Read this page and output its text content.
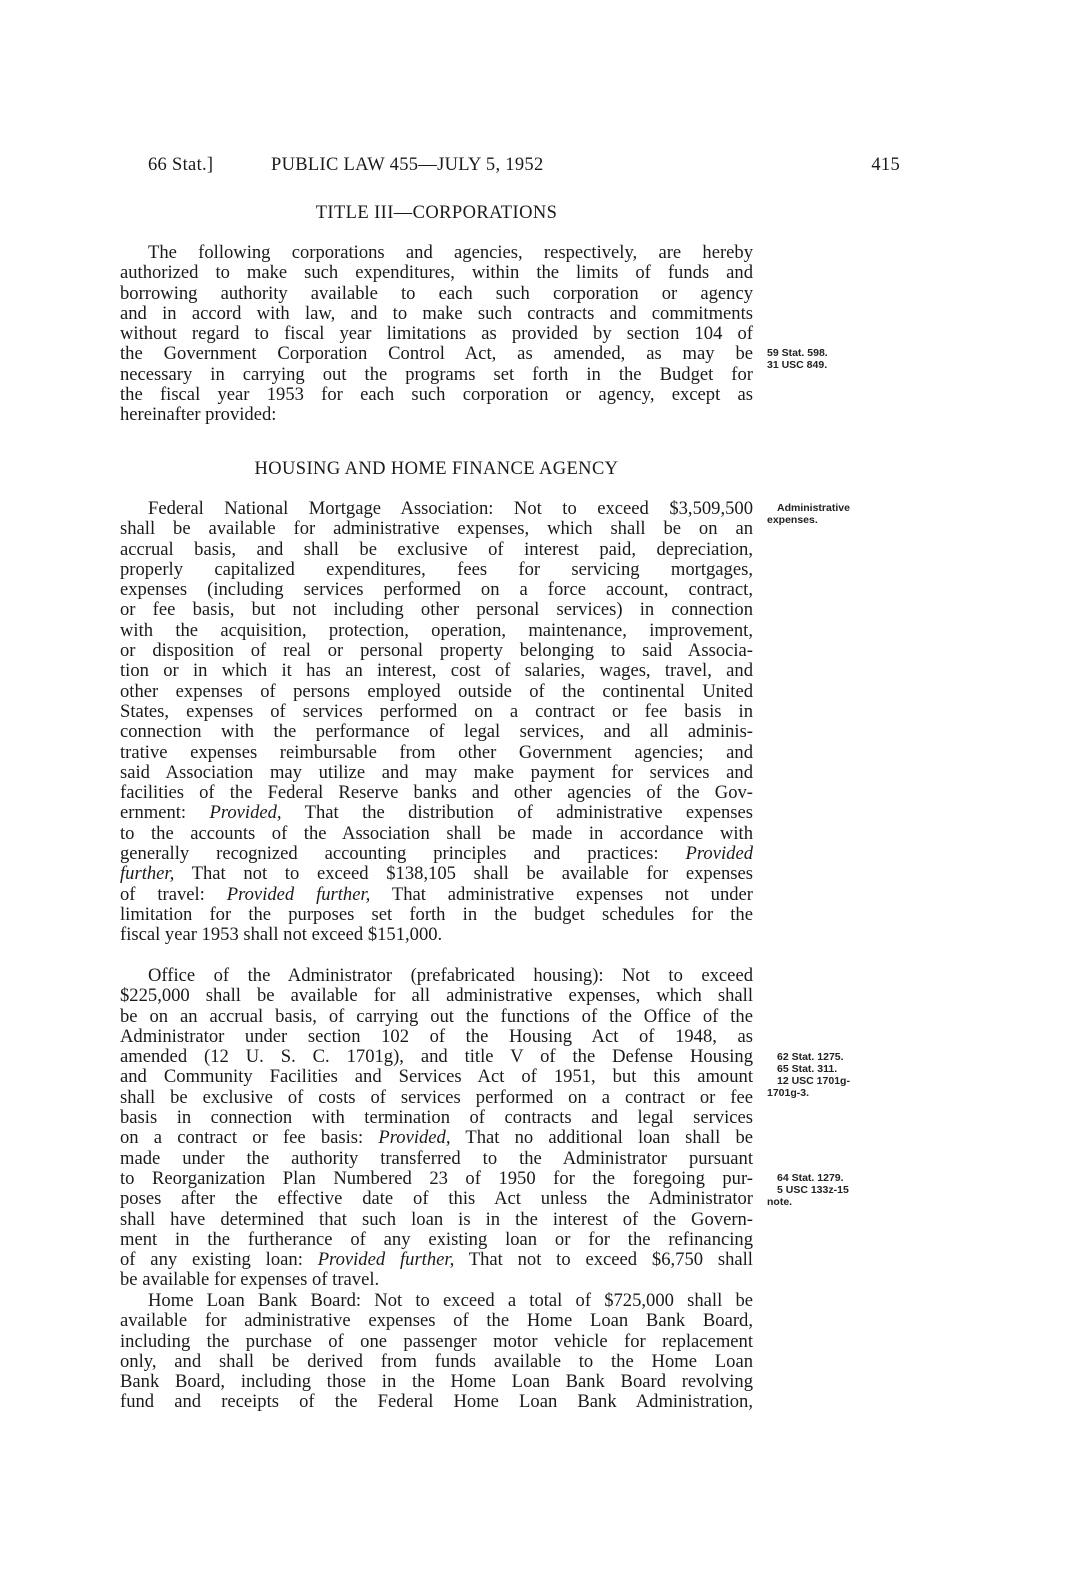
66 Stat.]	PUBLIC LAW 455—JULY 5, 1952	415
TITLE III—CORPORATIONS
The following corporations and agencies, respectively, are hereby
authorized to make such expenditures, within the limits of funds and
borrowing authority available to each such corporation or agency
and in accord with law, and to make such contracts and commitments
without regard to fiscal year limitations as provided by section 104 of
the Government Corporation Control Act, as amended, as may be
necessary in carrying out the programs set forth in the Budget for
the fiscal year 1953 for each such corporation or agency, except as
hereinafter provided:
HOUSING AND HOME FINANCE AGENCY
Federal National Mortgage Association: Not to exceed $3,509,500
shall be available for administrative expenses, which shall be on an
accrual basis, and shall be exclusive of interest paid, depreciation,
properly capitalized expenditures, fees for servicing mortgages,
expenses (including services performed on a force account, contract,
or fee basis, but not including other personal services) in connection
with the acquisition, protection, operation, maintenance, improvement,
or disposition of real or personal property belonging to said Associa-
tion or in which it has an interest, cost of salaries, wages, travel, and
other expenses of persons employed outside of the continental United
States, expenses of services performed on a contract or fee basis in
connection with the performance of legal services, and all adminis-
trative expenses reimbursable from other Government agencies; and
said Association may utilize and may make payment for services and
facilities of the Federal Reserve banks and other agencies of the Gov-
ernment: Provided, That the distribution of administrative expenses
to the accounts of the Association shall be made in accordance with
generally recognized accounting principles and practices: Provided
further, That not to exceed $138,105 shall be available for expenses
of travel: Provided further, That administrative expenses not under
limitation for the purposes set forth in the budget schedules for the
fiscal year 1953 shall not exceed $151,000.
Office of the Administrator (prefabricated housing): Not to exceed
$225,000 shall be available for all administrative expenses, which shall
be on an accrual basis, of carrying out the functions of the Office of the
Administrator under section 102 of the Housing Act of 1948, as
amended (12 U. S. C. 1701g), and title V of the Defense Housing
and Community Facilities and Services Act of 1951, but this amount
shall be exclusive of costs of services performed on a contract or fee
basis in connection with termination of contracts and legal services
on a contract or fee basis: Provided, That no additional loan shall be
made under the authority transferred to the Administrator pursuant
to Reorganization Plan Numbered 23 of 1950 for the foregoing pur-
poses after the effective date of this Act unless the Administrator
shall have determined that such loan is in the interest of the Govern-
ment in the furtherance of any existing loan or for the refinancing
of any existing loan: Provided further, That not to exceed $6,750 shall
be available for expenses of travel.
Home Loan Bank Board: Not to exceed a total of $725,000 shall be
available for administrative expenses of the Home Loan Bank Board,
including the purchase of one passenger motor vehicle for replacement
only, and shall be derived from funds available to the Home Loan
Bank Board, including those in the Home Loan Bank Board revolving
fund and receipts of the Federal Home Loan Bank Administration,
59 Stat. 598.
31 USC 849.
Administrative
expenses.
62 Stat. 1275.
65 Stat. 311.
12 USC 1701g-
1701g-3.
64 Stat. 1279.
5 USC 133z-15
note.
